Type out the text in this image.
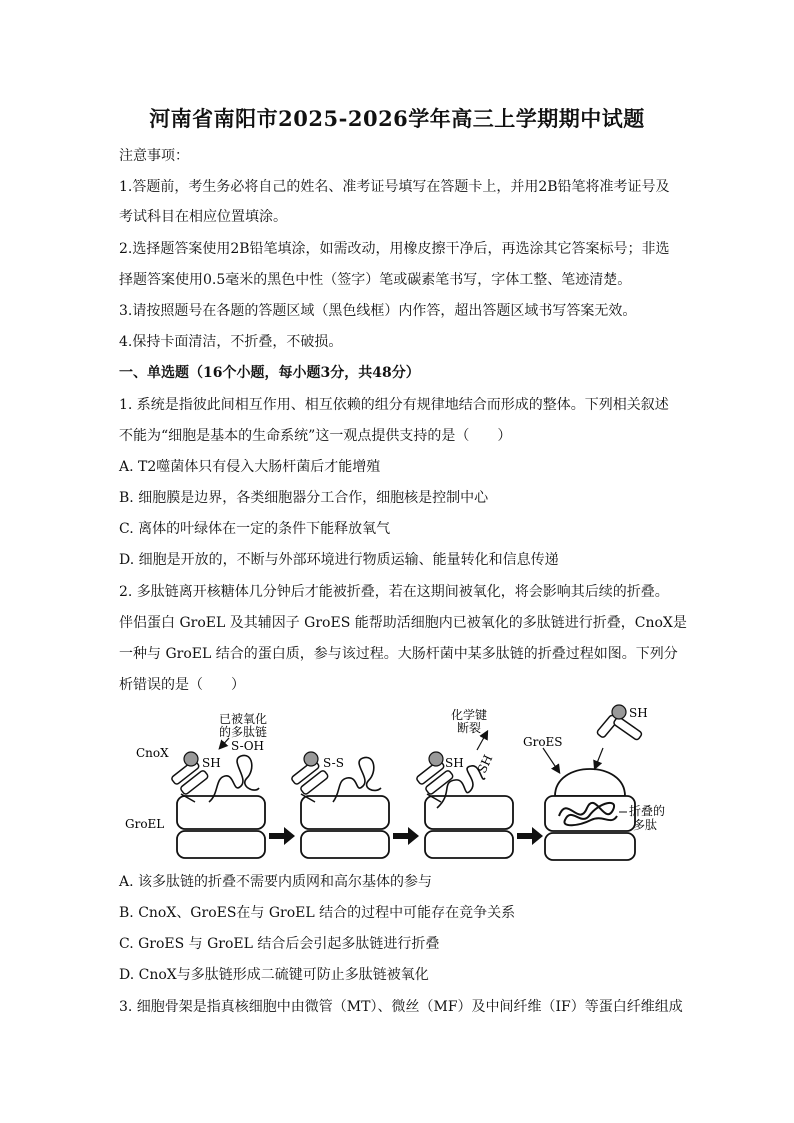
河南省南阳市2025-2026学年高三上学期期中试题
注意事项：
1.答题前，考生务必将自己的姓名、准考证号填写在答题卡上，并用2B铅笔将准考证号及
考试科目在相应位置填涂。
2.选择题答案使用2B铅笔填涂，如需改动，用橡皮擦干净后，再选涂其它答案标号；非选
择题答案使用0.5毫米的黑色中性（签字）笔或碳素笔书写，字体工整、笔迹清楚。
3.请按照题号在各题的答题区域（黑色线框）内作答，超出答题区域书写答案无效。
4.保持卡面清洁，不折叠，不破损。
一、单选题（16个小题，每小题3分，共48分）
1. 系统是指彼此间相互作用、相互依赖的组分有规律地结合而形成的整体。下列相关叙述
不能为“细胞是基本的生命系统”这一观点提供支持的是（　　）
A. T2噬菌体只有侵入大肠杆菌后才能增殖
B. 细胞膜是边界，各类细胞器分工合作，细胞核是控制中心
C. 离体的叶绿体在一定的条件下能释放氧气
D. 细胞是开放的，不断与外部环境进行物质运输、能量转化和信息传递
2. 多肽链离开核糖体几分钟后才能被折叠，若在这期间被氧化，将会影响其后续的折叠。
伴侣蛋白 GroEL 及其辅因子 GroES 能帮助活细胞内已被氧化的多肽链进行折叠，CnoX是
一种与 GroEL 结合的蛋白质，参与该过程。大肠杆菌中某多肽链的折叠过程如图。下列分
析错误的是（　　）
已被氧化
的多肽链
S-OH
CnoX
SH
GroEL
S-S
化学键
断裂
SH SH
GroES
SH
折叠的
多肽
A. 该多肽链的折叠不需要内质网和高尔基体的参与
B. CnoX、GroES在与 GroEL 结合的过程中可能存在竞争关系
C. GroES 与 GroEL 结合后会引起多肽链进行折叠
D. CnoX与多肽链形成二硫键可防止多肽链被氧化
3. 细胞骨架是指真核细胞中由微管（MT）、微丝（MF）及中间纤维（IF）等蛋白纤维组成
